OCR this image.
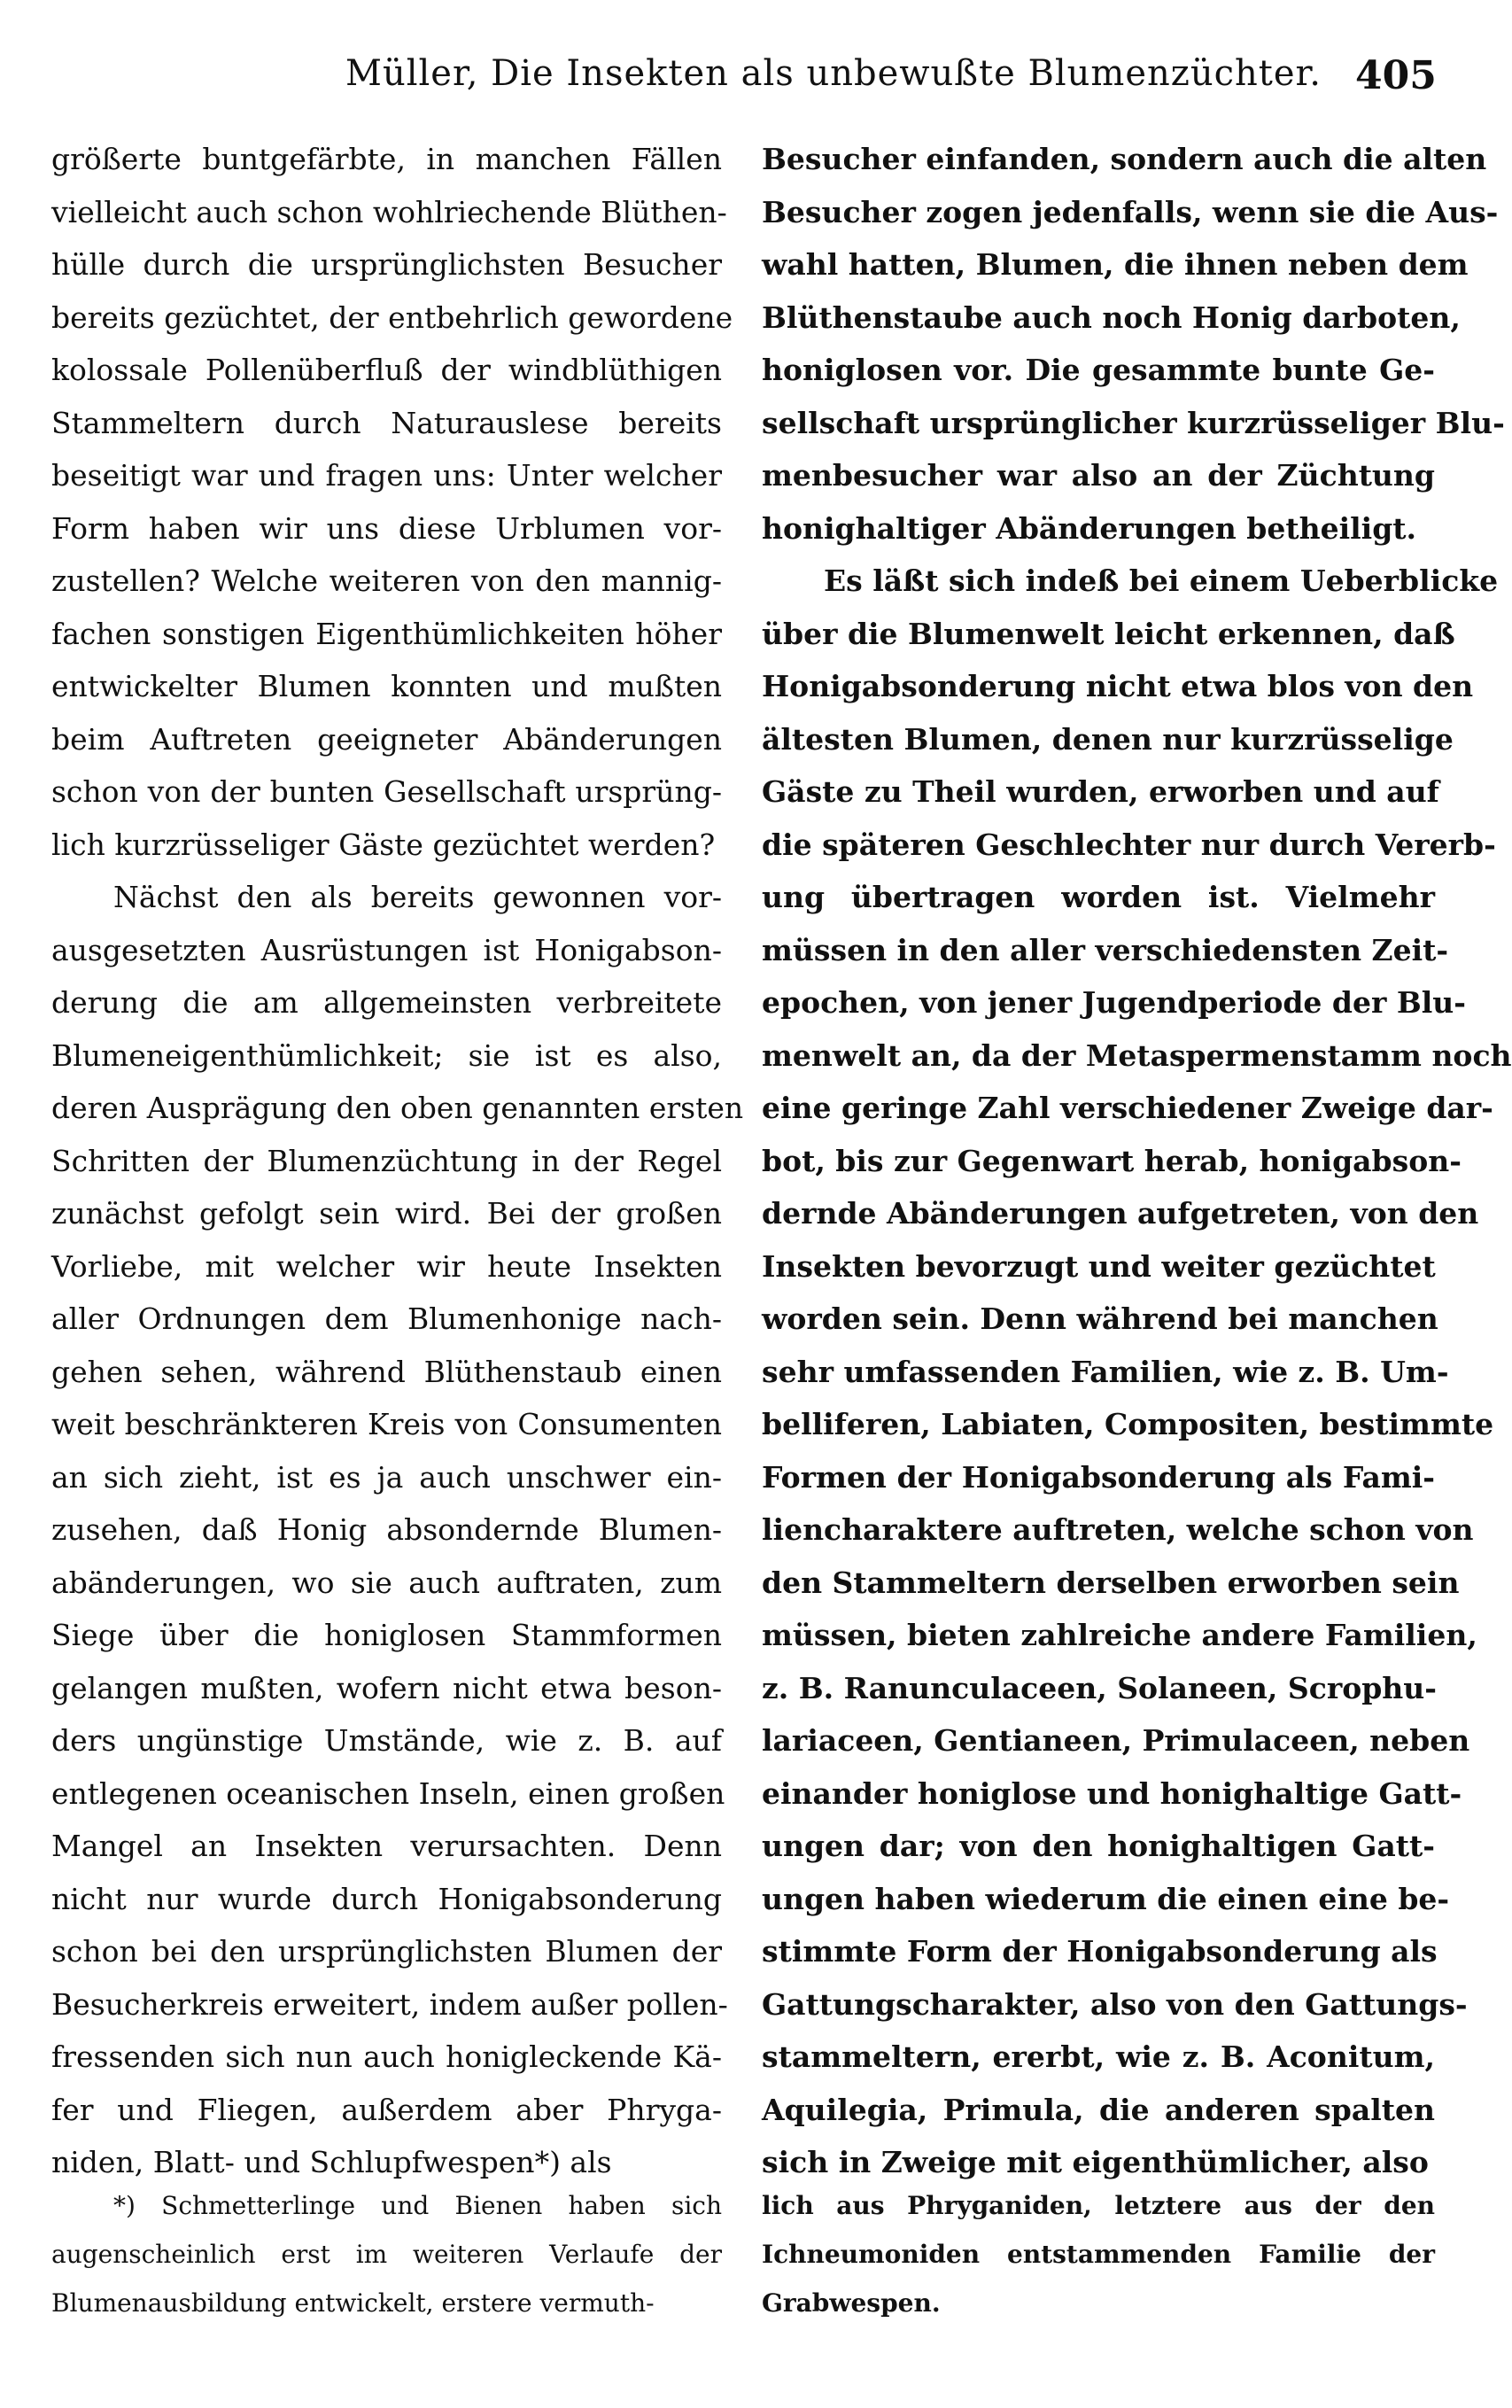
Müller, Die Insekten als unbewußte Blumenzüchter. 405
größerte buntgefärbte, in manchen Fällen
vielleicht auch schon wohlriechende Blüthen-
hülle durch die ursprünglichsten Besucher
bereits gezüchtet, der entbehrlich gewordene
kolossale Pollenüberfluß der windblüthigen
Stammeltern durch Naturauslese bereits
beseitigt war und fragen uns: Unter welcher
Form haben wir uns diese Urblumen vor-
zustellen? Welche weiteren von den mannig-
fachen sonstigen Eigenthümlichkeiten höher
entwickelter Blumen konnten und mußten
beim Auftreten geeigneter Abänderungen
schon von der bunten Gesellschaft ursprüng-
lich kurzrüsseliger Gäste gezüchtet werden?
Nächst den als bereits gewonnen vor-
ausgesetzten Ausrüstungen ist Honigabson-
derung die am allgemeinsten verbreitete
Blumeneigenthümlichkeit; sie ist es also,
deren Ausprägung den oben genannten ersten
Schritten der Blumenzüchtung in der Regel
zunächst gefolgt sein wird. Bei der großen
Vorliebe, mit welcher wir heute Insekten
aller Ordnungen dem Blumenhonige nach-
gehen sehen, während Blüthenstaub einen
weit beschränkteren Kreis von Consumenten
an sich zieht, ist es ja auch unschwer ein-
zusehen, daß Honig absondernde Blumen-
abänderungen, wo sie auch auftraten, zum
Siege über die honiglosen Stammformen
gelangen mußten, wofern nicht etwa beson-
ders ungünstige Umstände, wie z. B. auf
entlegenen oceanischen Inseln, einen großen
Mangel an Insekten verursachten. Denn
nicht nur wurde durch Honigabsonderung
schon bei den ursprünglichsten Blumen der
Besucherkreis erweitert, indem außer pollen-
fressenden sich nun auch honigleckende Kä-
fer und Fliegen, außerdem aber Phryga-
niden, Blatt- und Schlupfwespen*) als
Besucher einfanden, sondern auch die alten
Besucher zogen jedenfalls, wenn sie die Aus-
wahl hatten, Blumen, die ihnen neben dem
Blüthenstaube auch noch Honig darboten,
honiglosen vor. Die gesammte bunte Ge-
sellschaft ursprünglicher kurzrüsseliger Blu-
menbesucher war also an der Züchtung
honighaltiger Abänderungen betheiligt.
Es läßt sich indeß bei einem Ueberblicke
über die Blumenwelt leicht erkennen, daß
Honigabsonderung nicht etwa blos von den
ältesten Blumen, denen nur kurzrüsselige
Gäste zu Theil wurden, erworben und auf
die späteren Geschlechter nur durch Vererb-
ung übertragen worden ist. Vielmehr
müssen in den aller verschiedensten Zeit-
epochen, von jener Jugendperiode der Blu-
menwelt an, da der Metaspermenstamm noch
eine geringe Zahl verschiedener Zweige dar-
bot, bis zur Gegenwart herab, honigabson-
dernde Abänderungen aufgetreten, von den
Insekten bevorzugt und weiter gezüchtet
worden sein. Denn während bei manchen
sehr umfassenden Familien, wie z. B. Um-
belliferen, Labiaten, Compositen, bestimmte
Formen der Honigabsonderung als Fami-
liencharaktere auftreten, welche schon von
den Stammeltern derselben erworben sein
müssen, bieten zahlreiche andere Familien,
z. B. Ranunculaceen, Solaneen, Scrophu-
lariaceen, Gentianeen, Primulaceen, neben
einander honiglose und honighaltige Gatt-
ungen dar; von den honighaltigen Gatt-
ungen haben wiederum die einen eine be-
stimmte Form der Honigabsonderung als
Gattungscharakter, also von den Gattungs-
stammeltern, ererbt, wie z. B. Aconitum,
Aquilegia, Primula, die anderen spalten
sich in Zweige mit eigenthümlicher, also
*) Schmetterlinge und Bienen haben sich
augenscheinlich erst im weiteren Verlaufe der
Blumenausbildung entwickelt, erstere vermuth-
lich aus Phryganiden, letztere aus der den
Ichneumoniden entstammenden Familie der
Grabwespen.
